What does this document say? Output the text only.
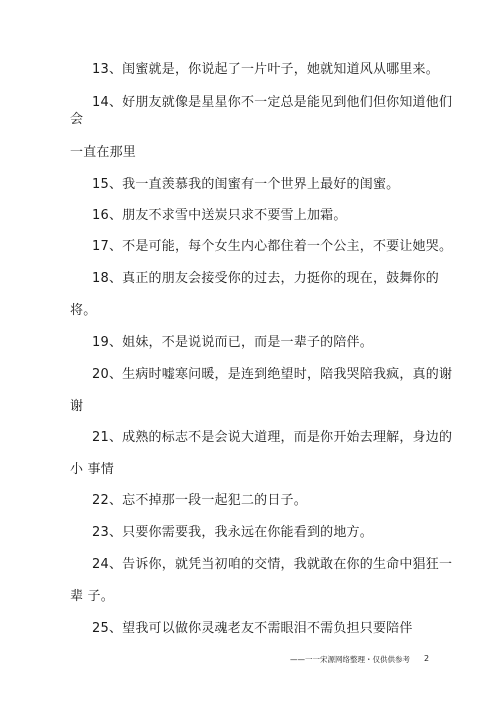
13、闺蜜就是，你说起了一片叶子，她就知道风从哪里来。
14、好朋友就像是星星你不一定总是能见到他们但你知道他们
会
一直在那里
15、我一直羡慕我的闺蜜有一个世界上最好的闺蜜。
16、朋友不求雪中送炭只求不要雪上加霜。
17、不是可能，每个女生内心都住着一个公主，不要让她哭。
18、真正的朋友会接受你的过去，力挺你的现在，鼓舞你的
将。
19、姐妹，不是说说而已，而是一辈子的陪伴。
20、生病时嘘寒问暖，是连到绝望时，陪我哭陪我疯，真的谢
谢
21、成熟的标志不是会说大道理，而是你开始去理解，身边的
小 事情
22、忘不掉那一段一起犯二的日子。
23、只要你需要我，我永远在你能看到的地方。
24、告诉你，就凭当初咱的交情，我就敢在你的生命中猖狂一
辈 子。
25、望我可以做你灵魂老友不需眼泪不需负担只要陪伴
——一一宋源网络整理・仅供供参考 2
